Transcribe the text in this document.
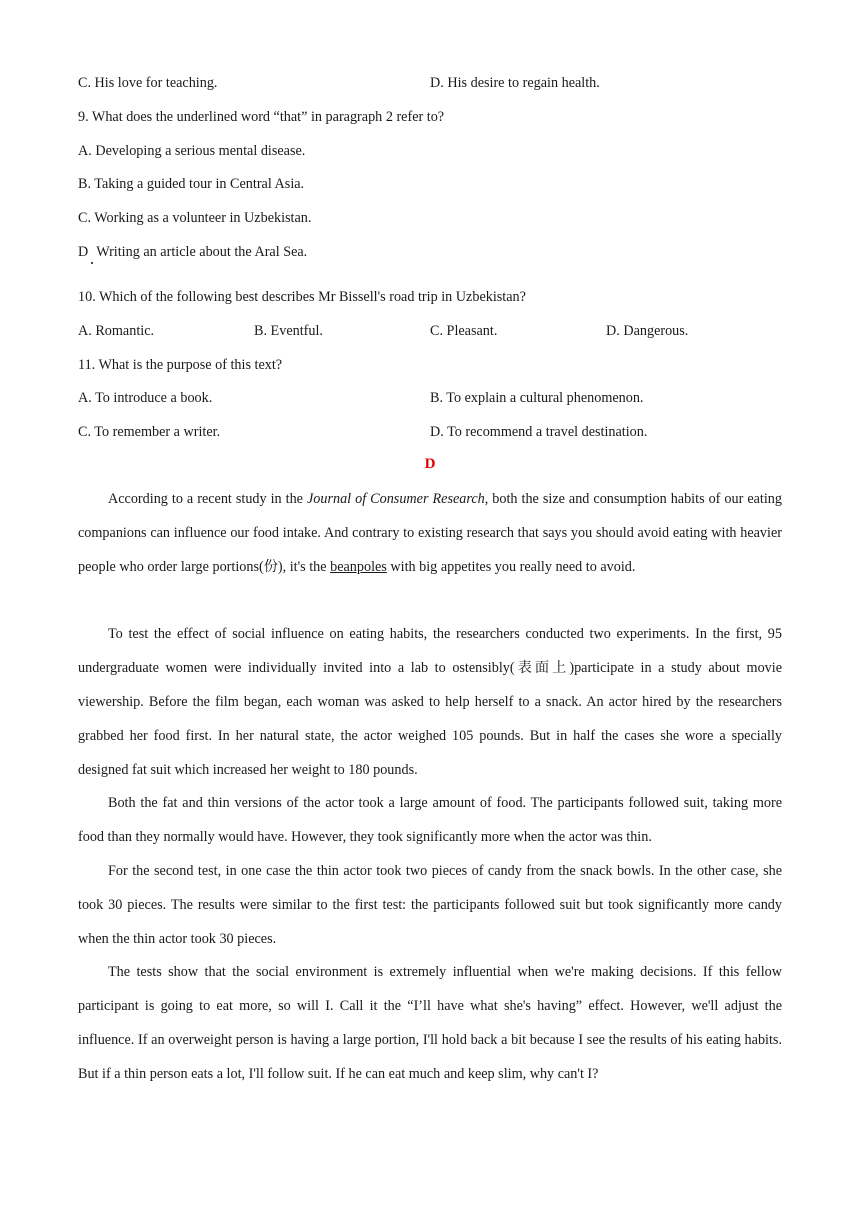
C. His love for teaching.	D. His desire to regain health.
9. What does the underlined word “that” in paragraph 2 refer to?
A. Developing a serious mental disease.
B. Taking a guided tour in Central Asia.
C. Working as a volunteer in Uzbekistan.
D Writing an article about the Aral Sea.
10. Which of the following best describes Mr Bissell's road trip in Uzbekistan?
A. Romantic.	B. Eventful.	C. Pleasant.	D. Dangerous.
11. What is the purpose of this text?
A. To introduce a book.	B. To explain a cultural phenomenon.
C. To remember a writer.	D. To recommend a travel destination.
D
According to a recent study in the Journal of Consumer Research, both the size and consumption habits of our eating companions can influence our food intake. And contrary to existing research that says you should avoid eating with heavier people who order large portions(份), it's the beanpoles with big appetites you really need to avoid.
To test the effect of social influence on eating habits, the researchers conducted two experiments. In the first, 95 undergraduate women were individually invited into a lab to ostensibly(表面上)participate in a study about movie viewership. Before the film began, each woman was asked to help herself to a snack. An actor hired by the researchers grabbed her food first. In her natural state, the actor weighed 105 pounds. But in half the cases she wore a specially designed fat suit which increased her weight to 180 pounds.
Both the fat and thin versions of the actor took a large amount of food. The participants followed suit, taking more food than they normally would have. However, they took significantly more when the actor was thin.
For the second test, in one case the thin actor took two pieces of candy from the snack bowls. In the other case, she took 30 pieces. The results were similar to the first test: the participants followed suit but took significantly more candy when the thin actor took 30 pieces.
The tests show that the social environment is extremely influential when we're making decisions. If this fellow participant is going to eat more, so will I. Call it the “I’ll have what she's having” effect. However, we'll adjust the influence. If an overweight person is having a large portion, I'll hold back a bit because I see the results of his eating habits. But if a thin person eats a lot, I'll follow suit. If he can eat much and keep slim, why can't I?
